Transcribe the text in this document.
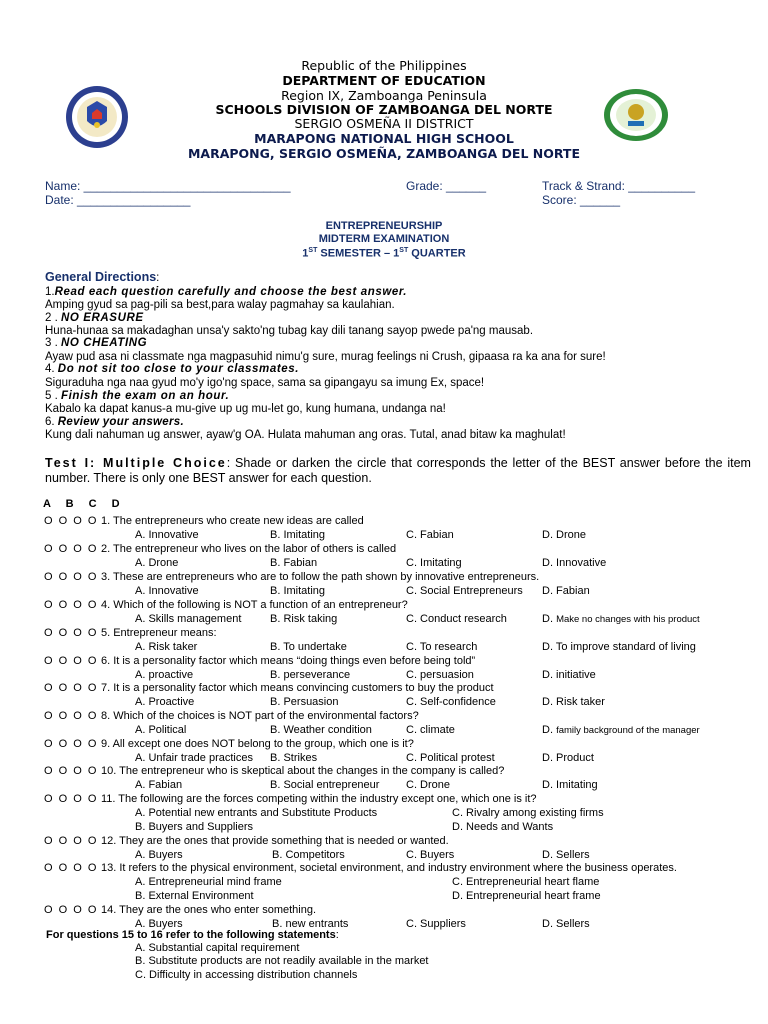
Republic of the Philippines
DEPARTMENT OF EDUCATION
Region IX, Zamboanga Peninsula
SCHOOLS DIVISION OF ZAMBOANGA DEL NORTE
SERGIO OSMEÑA II DISTRICT
MARAPONG NATIONAL HIGH SCHOOL
MARAPONG, SERGIO OSMEÑA, ZAMBOANGA DEL NORTE
Name: _______________________________	Grade: ______	Track & Strand: __________
Date: _________________	Score: ______
ENTREPRENEURSHIP
MIDTERM EXAMINATION
1ST SEMESTER – 1ST QUARTER
General Directions:
1.Read each question carefully and choose the best answer.
Amping gyud sa pag-pili sa best,para walay pagmahay sa kaulahian.
2 . NO ERASURE
Huna-hunaa sa makadaghan unsa'y sakto'ng tubag kay dili tanang sayop pwede pa'ng mausab.
3 . NO CHEATING
Ayaw pud asa ni classmate nga magpasuhid nimu'g sure, murag feelings ni Crush, gipaasa ra ka ana for sure!
4. Do not sit too close to your classmates.
Siguraduha nga naa gyud mo'y igo'ng space, sama sa gipangayu sa imung Ex, space!
5 . Finish the exam on an hour.
Kabalo ka dapat kanus-a mu-give up ug mu-let go, kung humana, undanga na!
6. Review your answers.
Kung dali nahuman ug answer, ayaw'g OA. Hulata mahuman ang oras. Tutal, anad bitaw ka maghulat!
Test I: Multiple Choice: Shade or darken the circle that corresponds the letter of the BEST answer before the item number. There is only one BEST answer for each question.
A B C D
O O O O 1. The entrepreneurs who create new ideas are called
A. Innovative	B. Imitating	C. Fabian	D. Drone
O O O O 2. The entrepreneur who lives on the labor of others is called
A. Drone	B. Fabian	C. Imitating	D. Innovative
O O O O 3. These are entrepreneurs who are to follow the path shown by innovative entrepreneurs.
A. Innovative	B. Imitating	C. Social Entrepreneurs D. Fabian
O O O O 4. Which of the following is NOT a function of an entrepreneur?
A. Skills management	B. Risk taking	C. Conduct research	D. Make no changes with his product
O O O O 5. Entrepreneur means:
A. Risk taker	B. To undertake	C. To research	D. To improve standard of living
O O O O 6. It is a personality factor which means “doing things even before being told”
A. proactive	B. perseverance	C. persuasion	D. initiative
O O O O 7. It is a personality factor which means convincing customers to buy the product
A. Proactive	B. Persuasion	C. Self-confidence	D. Risk taker
O O O O 8. Which of the choices is NOT part of the environmental factors?
A. Political	B. Weather condition	C. climate	D. family background of the manager
O O O O 9. All except one does NOT belong to the group, which one is it?
A. Unfair trade practices B. Strikes	C. Political protest	D. Product
O O O O 10. The entrepreneur who is skeptical about the changes in the company is called?
A. Fabian	B. Social entrepreneur C. Drone	D. Imitating
O O O O 11. The following are the forces competing within the industry except one, which one is it?
A. Potential new entrants and Substitute Products	C. Rivalry among existing firms
B. Buyers and Suppliers	D. Needs and Wants
O O O O 12. They are the ones that provide something that is needed or wanted.
A. Buyers	B. Competitors	C. Buyers	D. Sellers
O O O O 13. It refers to the physical environment, societal environment, and industry environment where the business operates.
A. Entrepreneurial mind frame	C. Entrepreneurial heart flame
B. External Environment	D. Entrepreneurial heart frame
O O O O 14. They are the ones who enter something.
A. Buyers	B. new entrants	C. Suppliers	D. Sellers
For questions 15 to 16 refer to the following statements:
A. Substantial capital requirement
B. Substitute products are not readily available in the market
C. Difficulty in accessing distribution channels
